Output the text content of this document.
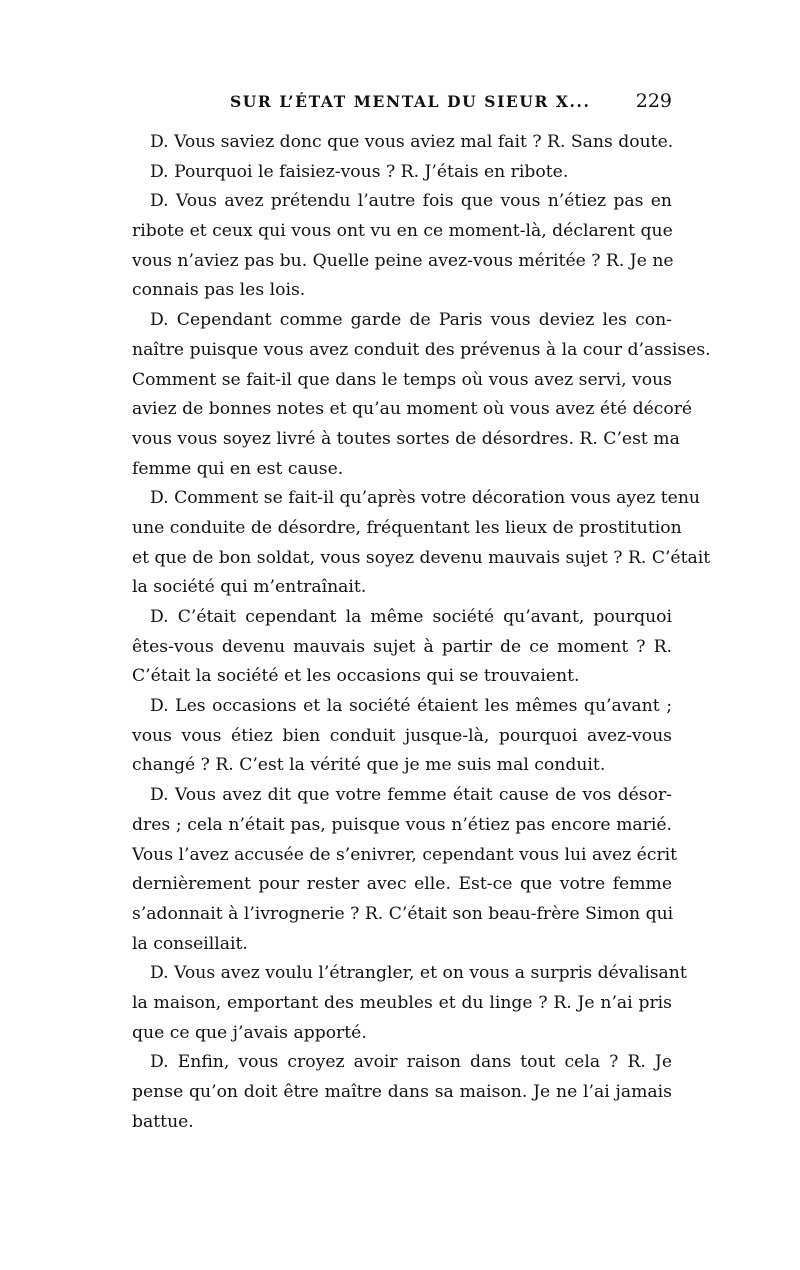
SUR L’ÉTAT MENTAL DU SIEUR X... 229
D. Vous saviez donc que vous aviez mal fait ? R. Sans doute.
D. Pourquoi le faisiez-vous ? R. J’étais en ribote.
D. Vous avez prétendu l’autre fois que vous n’étiez pas en
ribote et ceux qui vous ont vu en ce moment-là, déclarent que
vous n’aviez pas bu. Quelle peine avez-vous méritée ? R. Je ne
connais pas les lois.
D. Cependant comme garde de Paris vous deviez les con-
naître puisque vous avez conduit des prévenus à la cour d’assises.
Comment se fait-il que dans le temps où vous avez servi, vous
aviez de bonnes notes et qu’au moment où vous avez été décoré
vous vous soyez livré à toutes sortes de désordres. R. C’est ma
femme qui en est cause.
D. Comment se fait-il qu’après votre décoration vous ayez tenu
une conduite de désordre, fréquentant les lieux de prostitution
et que de bon soldat, vous soyez devenu mauvais sujet ? R. C’était
la société qui m’entraînait.
D. C’était cependant la même société qu’avant, pourquoi
êtes-vous devenu mauvais sujet à partir de ce moment ? R.
C’était la société et les occasions qui se trouvaient.
D. Les occasions et la société étaient les mêmes qu’avant ;
vous vous étiez bien conduit jusque-là, pourquoi avez-vous
changé ? R. C’est la vérité que je me suis mal conduit.
D. Vous avez dit que votre femme était cause de vos désor-
dres ; cela n’était pas, puisque vous n’étiez pas encore marié.
Vous l’avez accusée de s’enivrer, cependant vous lui avez écrit
dernièrement pour rester avec elle. Est-ce que votre femme
s’adonnait à l’ivrognerie ? R. C’était son beau-frère Simon qui
la conseillait.
D. Vous avez voulu l’étrangler, et on vous a surpris dévalisant
la maison, emportant des meubles et du linge ? R. Je n’ai pris
que ce que j’avais apporté.
D. Enfin, vous croyez avoir raison dans tout cela ? R. Je
pense qu’on doit être maître dans sa maison. Je ne l’ai jamais
battue.
